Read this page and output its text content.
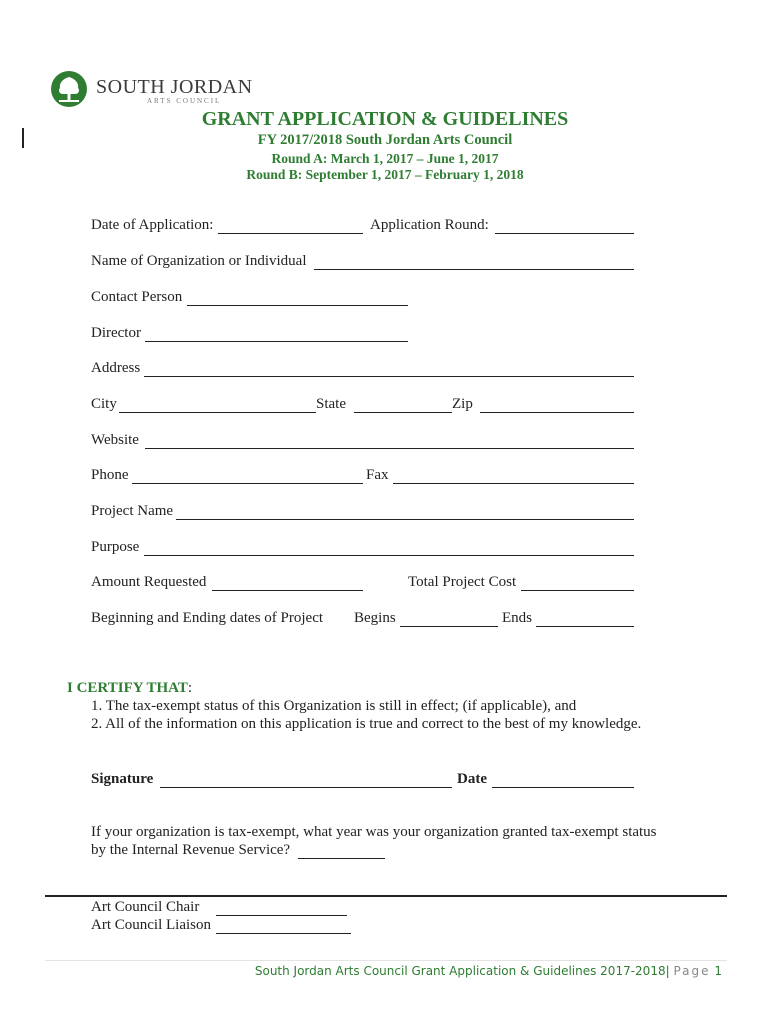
SOUTH JORDAN
ARTS COUNCIL
GRANT APPLICATION & GUIDELINES
FY 2017/2018 South Jordan Arts Council
Round A: March 1, 2017 – June 1, 2017
Round B: September 1, 2017 – February 1, 2018
Date of Application:	Application Round:
Name of Organization or Individual
Contact Person
Director
Address
City	State	Zip
Website
Phone	Fax
Project Name
Purpose
Amount Requested	Total Project Cost
Beginning and Ending dates of Project Begins	Ends
I CERTIFY THAT:
1. The tax-exempt status of this Organization is still in effect; (if applicable), and
2. All of the information on this application is true and correct to the best of my knowledge.
Signature	Date
If your organization is tax-exempt, what year was your organization granted tax-exempt status
by the Internal Revenue Service?
Art Council Chair
Art Council Liaison
South Jordan Arts Council Grant Application & Guidelines 2017-2018| Page 1
